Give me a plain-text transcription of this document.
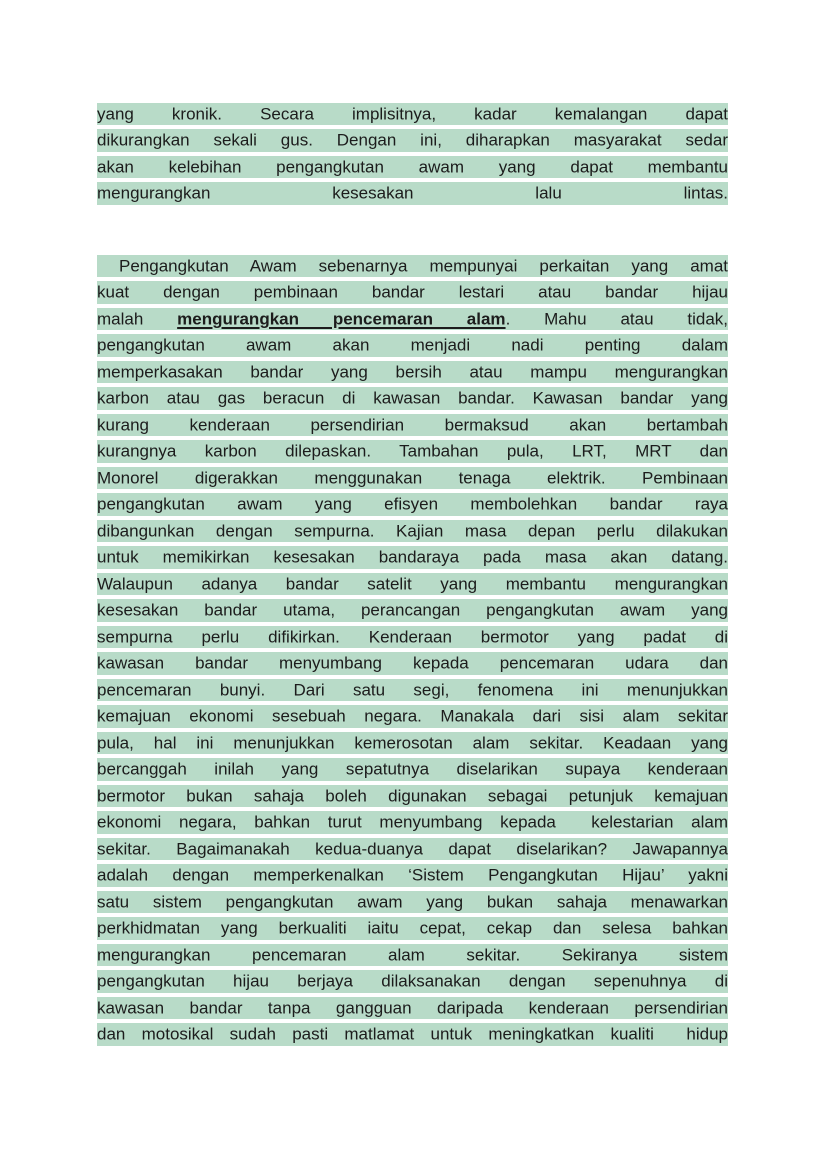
yang kronik. Secara implisitnya, kadar kemalangan dapat
dikurangkan sekali gus. Dengan ini, diharapkan masyarakat sedar
akan kelebihan pengangkutan awam yang dapat membantu
mengurangkan kesesakan lalu lintas.
Pengangkutan Awam sebenarnya mempunyai perkaitan yang amat
kuat dengan pembinaan bandar lestari atau bandar hijau
malah mengurangkan pencemaran alam. Mahu atau tidak,
pengangkutan awam akan menjadi nadi penting dalam
memperkasakan bandar yang bersih atau mampu mengurangkan
karbon atau gas beracun di kawasan bandar. Kawasan bandar yang
kurang kenderaan persendirian bermaksud akan bertambah
kurangnya karbon dilepaskan. Tambahan pula, LRT, MRT dan
Monorel digerakkan menggunakan tenaga elektrik. Pembinaan
pengangkutan awam yang efisyen membolehkan bandar raya
dibangunkan dengan sempurna. Kajian masa depan perlu dilakukan
untuk memikirkan kesesakan bandaraya pada masa akan datang.
Walaupun adanya bandar satelit yang membantu mengurangkan
kesesakan bandar utama, perancangan pengangkutan awam yang
sempurna perlu difikirkan. Kenderaan bermotor yang padat di
kawasan bandar menyumbang kepada pencemaran udara dan
pencemaran bunyi. Dari satu segi, fenomena ini menunjukkan
kemajuan ekonomi sesebuah negara. Manakala dari sisi alam sekitar
pula, hal ini menunjukkan kemerosotan alam sekitar. Keadaan yang
bercanggah inilah yang sepatutnya diselarikan supaya kenderaan
bermotor bukan sahaja boleh digunakan sebagai petunjuk kemajuan
ekonomi negara, bahkan turut menyumbang kepada  kelestarian alam
sekitar. Bagaimanakah kedua-duanya dapat diselarikan? Jawapannya
adalah dengan memperkenalkan ‘Sistem Pengangkutan Hijau’ yakni
satu sistem pengangkutan awam yang bukan sahaja menawarkan
perkhidmatan yang berkualiti iaitu cepat, cekap dan selesa bahkan
mengurangkan pencemaran alam sekitar. Sekiranya sistem
pengangkutan hijau berjaya dilaksanakan dengan sepenuhnya di
kawasan bandar tanpa gangguan daripada kenderaan persendirian
dan motosikal sudah pasti matlamat untuk meningkatkan kualiti  hidup
